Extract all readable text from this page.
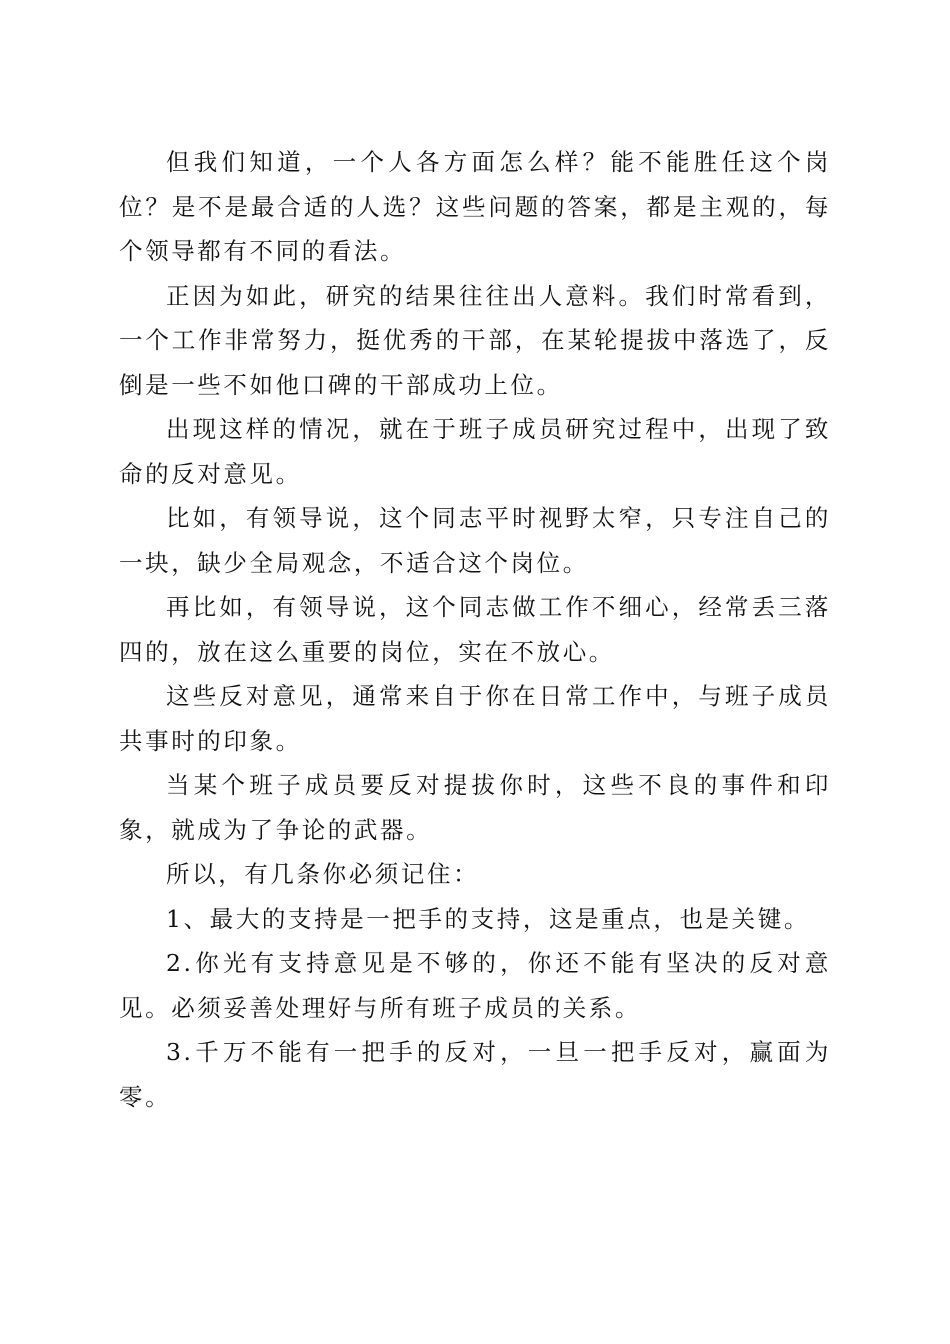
但我们知道，一个人各方面怎么样？能不能胜任这个岗位？是不是最合适的人选？这些问题的答案，都是主观的，每个领导都有不同的看法。

正因为如此，研究的结果往往出人意料。我们时常看到，一个工作非常努力，挺优秀的干部，在某轮提拔中落选了，反倒是一些不如他口碑的干部成功上位。

出现这样的情况，就在于班子成员研究过程中，出现了致命的反对意见。

比如，有领导说，这个同志平时视野太窄，只专注自己的一块，缺少全局观念，不适合这个岗位。

再比如，有领导说，这个同志做工作不细心，经常丢三落四的，放在这么重要的岗位，实在不放心。

这些反对意见，通常来自于你在日常工作中，与班子成员共事时的印象。

当某个班子成员要反对提拔你时，这些不良的事件和印象，就成为了争论的武器。

所以，有几条你必须记住：

1、最大的支持是一把手的支持，这是重点，也是关键。

2.你光有支持意见是不够的，你还不能有坚决的反对意见。必须妥善处理好与所有班子成员的关系。

3.千万不能有一把手的反对，一旦一把手反对，赢面为零。
